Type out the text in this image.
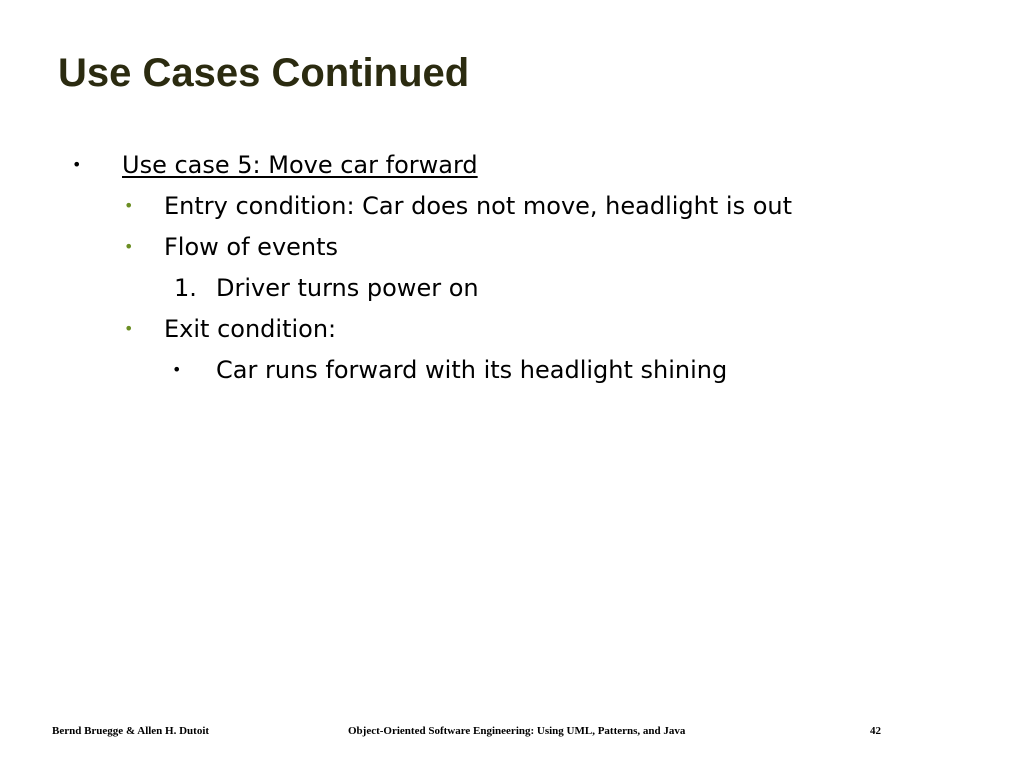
Use Cases Continued
• Use case 5: Move car forward
• Entry condition: Car does not move, headlight is out
• Flow of events
1. Driver turns power on
• Exit condition:
• Car runs forward with its headlight shining
Bernd Bruegge & Allen H. Dutoit	Object-Oriented Software Engineering: Using UML, Patterns, and Java	42
